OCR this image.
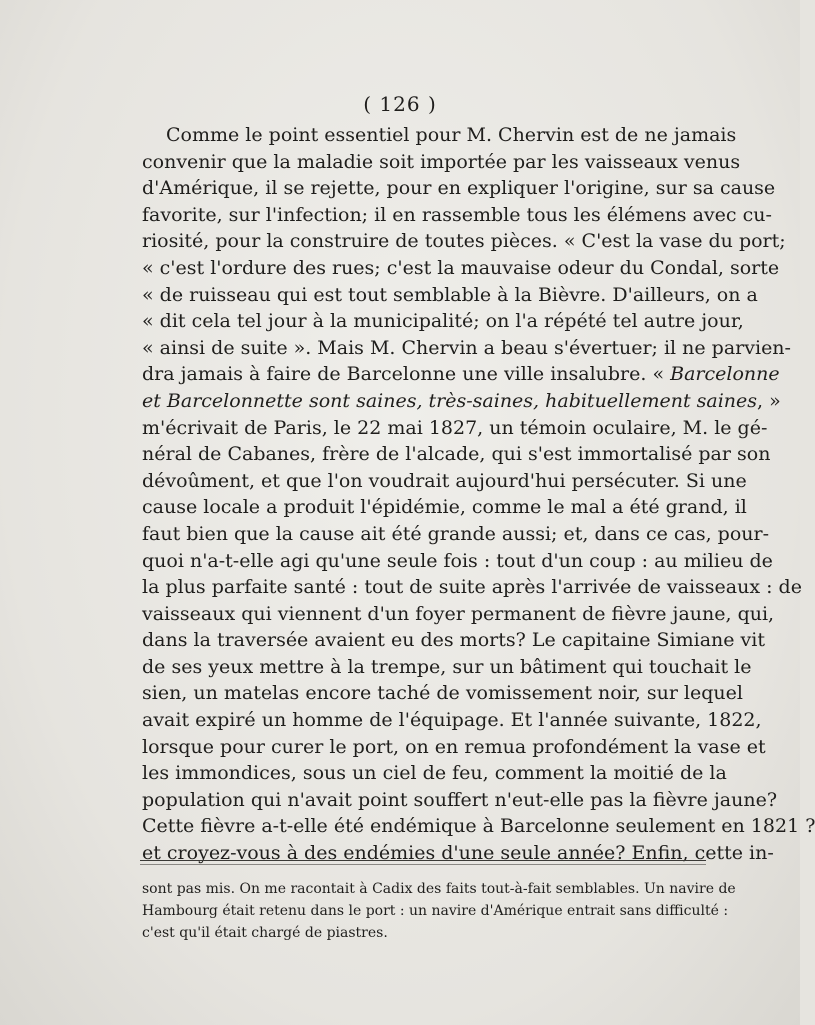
( 126 )
Comme le point essentiel pour M. Chervin est de ne jamais
convenir que la maladie soit importée par les vaisseaux venus
d'Amérique, il se rejette, pour en expliquer l'origine, sur sa cause
favorite, sur l'infection; il en rassemble tous les élémens avec cu-
riosité, pour la construire de toutes pièces. « C'est la vase du port;
« c'est l'ordure des rues; c'est la mauvaise odeur du Condal, sorte
« de ruisseau qui est tout semblable à la Bièvre. D'ailleurs, on a
« dit cela tel jour à la municipalité; on l'a répété tel autre jour,
« ainsi de suite ». Mais M. Chervin a beau s'évertuer; il ne parvien-
dra jamais à faire de Barcelonne une ville insalubre. « Barcelonne
et Barcelonnette sont saines, très-saines, habituellement saines, »
m'écrivait de Paris, le 22 mai 1827, un témoin oculaire, M. le gé-
néral de Cabanes, frère de l'alcade, qui s'est immortalisé par son
dévoûment, et que l'on voudrait aujourd'hui persécuter. Si une
cause locale a produit l'épidémie, comme le mal a été grand, il
faut bien que la cause ait été grande aussi; et, dans ce cas, pour-
quoi n'a-t-elle agi qu'une seule fois : tout d'un coup : au milieu de
la plus parfaite santé : tout de suite après l'arrivée de vaisseaux : de
vaisseaux qui viennent d'un foyer permanent de fièvre jaune, qui,
dans la traversée avaient eu des morts? Le capitaine Simiane vit
de ses yeux mettre à la trempe, sur un bâtiment qui touchait le
sien, un matelas encore taché de vomissement noir, sur lequel
avait expiré un homme de l'équipage. Et l'année suivante, 1822,
lorsque pour curer le port, on en remua profondément la vase et
les immondices, sous un ciel de feu, comment la moitié de la
population qui n'avait point souffert n'eut-elle pas la fièvre jaune?
Cette fièvre a-t-elle été endémique à Barcelonne seulement en 1821 ?
et croyez-vous à des endémies d'une seule année? Enfin, cette in-
sont pas mis. On me racontait à Cadix des faits tout-à-fait semblables. Un navire de
Hambourg était retenu dans le port : un navire d'Amérique entrait sans difficulté :
c'est qu'il était chargé de piastres.
